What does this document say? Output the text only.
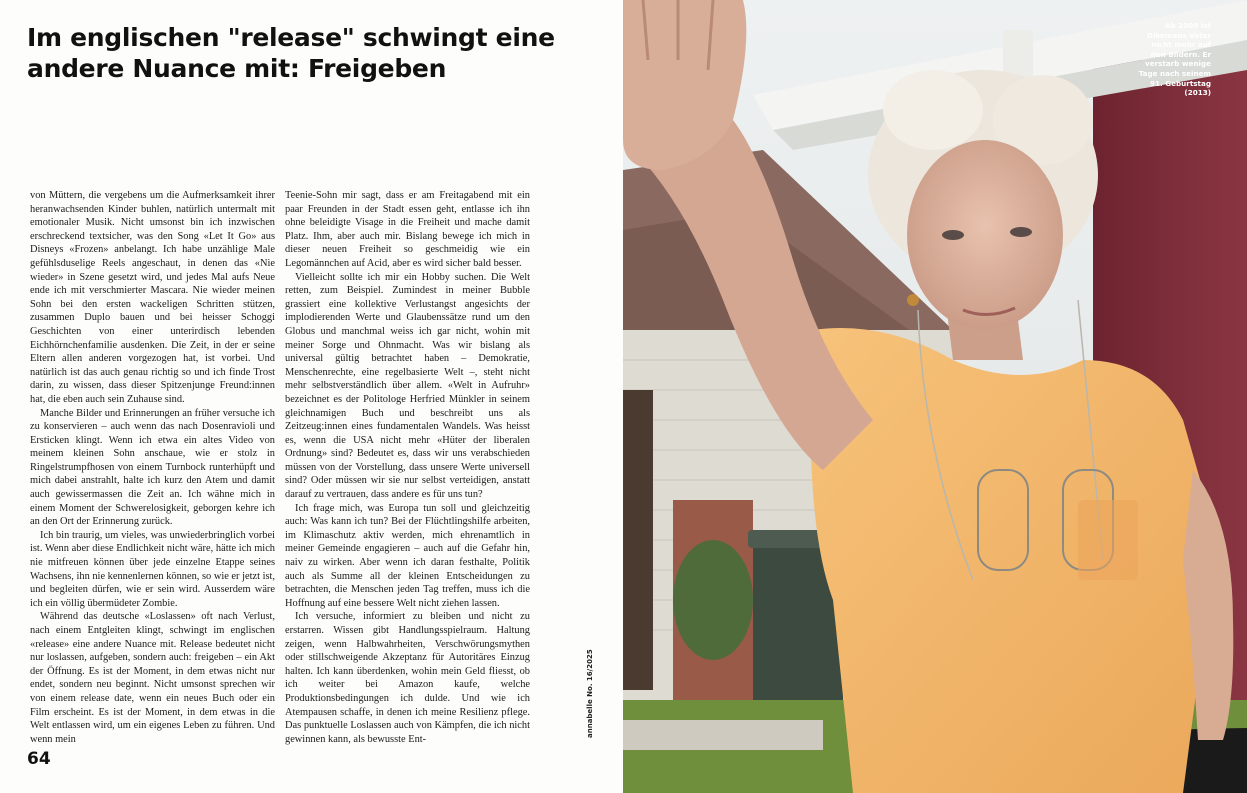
Im englischen "release" schwingt eine andere Nuance mit: Freigeben

von Müttern, die vergebens um die Aufmerksamkeit ihrer heranwachsenden Kinder buhlen, natürlich untermalt mit emotionaler Musik. Nicht umsonst bin ich inzwischen erschreckend textsicher, was den Song «Let It Go» aus Disneys «Frozen» anbelangt. Ich habe unzählige Male gefühlsduselige Reels angeschaut, in denen das «Nie wieder» in Szene gesetzt wird, und jedes Mal aufs Neue ende ich mit verschmierter Mascara. Nie wieder meinen Sohn bei den ersten wackeligen Schritten stützen, zusammen Duplo bauen und bei heisser Schoggi Geschichten von einer unterirdisch lebenden Eichhörnchenfamilie ausdenken. Die Zeit, in der er seine Eltern allen anderen vorgezogen hat, ist vorbei. Und natürlich ist das auch genau richtig so und ich finde Trost darin, zu wissen, dass dieser Spitzenjunge Freund:innen hat, die eben auch sein Zuhause sind.

Manche Bilder und Erinnerungen an früher versuche ich zu konservieren – auch wenn das nach Dosenravioli und Ersticken klingt. Wenn ich etwa ein altes Video von meinem kleinen Sohn anschaue, wie er stolz in Ringelstrumpfhosen von einem Turnbock runterhüpft und mich dabei anstrahlt, halte ich kurz den Atem und damit auch gewissermassen die Zeit an. Ich wähne mich in einem Moment der Schwerelosigkeit, geborgen kehre ich an den Ort der Erinnerung zurück.

Ich bin traurig, um vieles, was unwiederbringlich vorbei ist. Wenn aber diese Endlichkeit nicht wäre, hätte ich mich nie mitfreuen können über jede einzelne Etappe seines Wachsens, ihn nie kennenlernen können, so wie er jetzt ist, und begleiten dürfen, wie er sein wird. Ausserdem wäre ich ein völlig übermüdeter Zombie.

Während das deutsche «Loslassen» oft nach Verlust, nach einem Entgleiten klingt, schwingt im englischen «release» eine andere Nuance mit. Release bedeutet nicht nur loslassen, aufgeben, sondern auch: freigeben – ein Akt der Öffnung. Es ist der Moment, in dem etwas nicht nur endet, sondern neu beginnt. Nicht umsonst sprechen wir von einem release date, wenn ein neues Buch oder ein Film erscheint. Es ist der Moment, in dem etwas in die Welt entlassen wird, um ein eigenes Leben zu führen. Und wenn mein

Teenie-Sohn mir sagt, dass er am Freitagabend mit ein paar Freunden in der Stadt essen geht, entlasse ich ihn ohne beleidigte Visage in die Freiheit und mache damit Platz. Ihm, aber auch mir. Bislang bewege ich mich in dieser neuen Freiheit so geschmeidig wie ein Legomännchen auf Acid, aber es wird sicher bald besser.

Vielleicht sollte ich mir ein Hobby suchen. Die Welt retten, zum Beispiel. Zumindest in meiner Bubble grassiert eine kollektive Verlustangst angesichts der implodierenden Werte und Glaubenssätze rund um den Globus und manchmal weiss ich gar nicht, wohin mit meiner Sorge und Ohnmacht. Was wir bislang als universal gültig betrachtet haben – Demokratie, Menschenrechte, eine regelbasierte Welt –, steht nicht mehr selbstverständlich über allem. «Welt in Aufruhr» bezeichnet es der Politologe Herfried Münkler in seinem gleichnamigen Buch und beschreibt uns als Zeitzeug:innen eines fundamentalen Wandels. Was heisst es, wenn die USA nicht mehr «Hüter der liberalen Ordnung» sind? Bedeutet es, dass wir uns verabschieden müssen von der Vorstellung, dass unsere Werte universell sind? Oder müssen wir sie nur selbst verteidigen, anstatt darauf zu vertrauen, dass andere es für uns tun?

Ich frage mich, was Europa tun soll und gleichzeitig auch: Was kann ich tun? Bei der Flüchtlingshilfe arbeiten, im Klimaschutz aktiv werden, mich ehrenamtlich in meiner Gemeinde engagieren – auch auf die Gefahr hin, naiv zu wirken. Aber wenn ich daran festhalte, Politik auch als Summe all der kleinen Entscheidungen zu betrachten, die Menschen jeden Tag treffen, muss ich die Hoffnung auf eine bessere Welt nicht ziehen lassen.

Ich versuche, informiert zu bleiben und nicht zu erstarren. Wissen gibt Handlungsspielraum. Haltung zeigen, wenn Halbwahrheiten, Verschwörungsmythen oder stillschweigende Akzeptanz für Autoritäres Einzug halten. Ich kann überdenken, wohin mein Geld fliesst, ob ich weiter bei Amazon kaufe, welche Produktionsbedingungen ich dulde. Und wie ich Atempausen schaffe, in denen ich meine Resilienz pflege. Das punktuelle Loslassen auch von Kämpfen, die ich nicht gewinnen kann, als bewusste Ent-

64
annabelle No. 16/2025
Ab 2009 ist Dikemans Vater nicht mehr auf den Bildern. Er verstarb wenige Tage nach seinem 91. Geburtstag (2013)
